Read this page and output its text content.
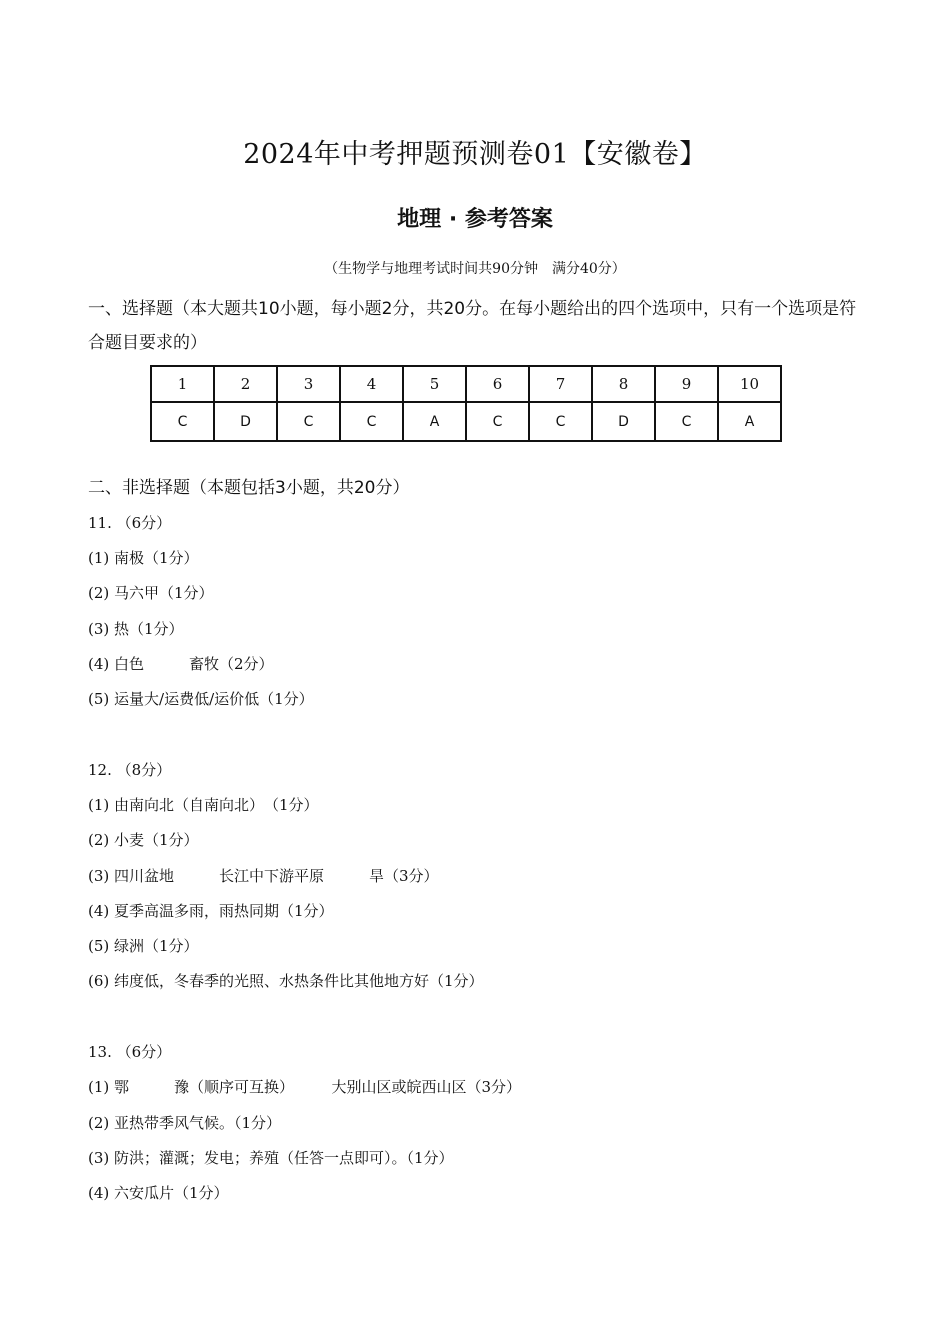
2024年中考押题预测卷01【安徽卷】
地理 · 参考答案
（生物学与地理考试时间共90分钟　满分40分）
一、选择题（本大题共10小题，每小题2分，共20分。在每小题给出的四个选项中，只有一个选项是符合题目要求的）
1	2	3	4	5	6	7	8	9	10
C	D	C	C	A	C	C	D	C	A
二、非选择题（本题包括3小题，共20分）
11. （6分）
(1) 南极（1分）
(2) 马六甲（1分）
(3) 热（1分）
(4) 白色　　　畜牧（2分）
(5) 运量大/运费低/运价低（1分）
12. （8分）
(1) 由南向北（自南向北）　（1分）
(2) 小麦（1分）
(3) 四川盆地　　　长江中下游平原　　　旱（3分）
(4) 夏季高温多雨，雨热同期（1分）
(5) 绿洲（1分）
(6) 纬度低，冬春季的光照、水热条件比其他地方好（1分）
13. （6分）
(1) 鄂　　　豫（顺序可互换）　　　大别山区或皖西山区（3分）
(2) 亚热带季风气候。（1分）
(3) 防洪；灌溉；发电；养殖（任答一点即可）。（1分）
(4) 六安瓜片（1分）
